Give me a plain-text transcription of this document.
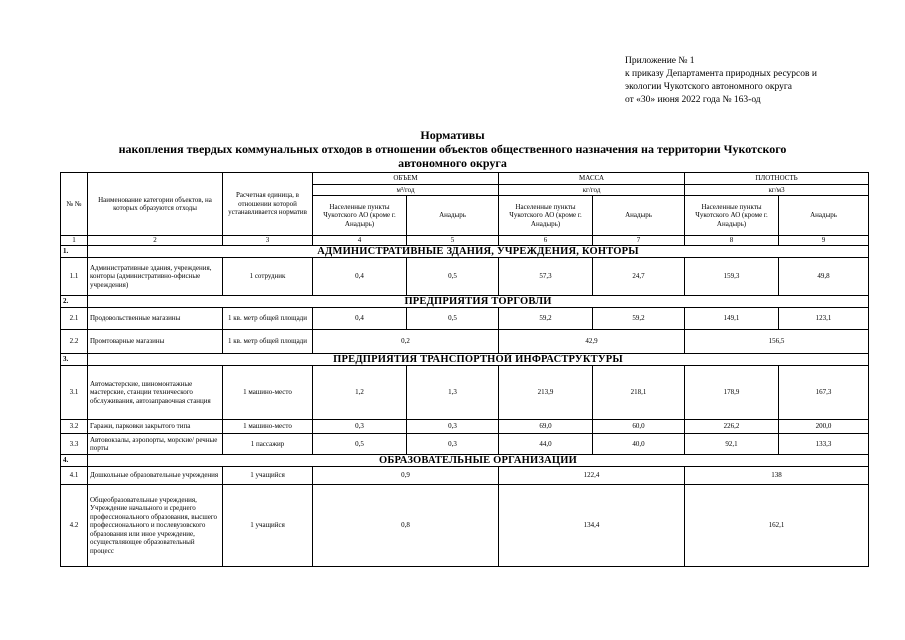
Приложение № 1
к приказу Департамента природных ресурсов и
экологии Чукотского автономного округа
от «30» июня 2022 года № 163-од
Нормативы
накопления твердых коммунальных отходов в отношении объектов общественного назначения на территории Чукотского
автономного округа
№ №	Наименование категории объектов, на которых образуются отходы	Расчетная единица, в отношении которой устанавливается норматив	ОБЪЕМ		МАССА		ПЛОТНОСТЬ	
			м³/год		кг/год		кг/м3	
			Населенные пункты Чукотского АО (кроме г. Анадырь)	Анадырь	Населенные пункты Чукотского АО (кроме г. Анадырь)	Анадырь	Населенные пункты Чукотского АО (кроме г. Анадырь)	Анадырь
1	2	3	4	5	6	7	8	9
1.	АДМИНИСТРАТИВНЫЕ ЗДАНИЯ, УЧРЕЖДЕНИЯ, КОНТОРЫ							
1.1	Административные здания, учреждения, конторы (административно-офисные учреждения)	1 сотрудник	0,4	0,5	57,3	24,7	159,3	49,8
2.	ПРЕДПРИЯТИЯ ТОРГОВЛИ							
2.1	Продовольственные магазины	1 кв. метр общей площади	0,4	0,5	59,2	59,2	149,1	123,1
2.2	Промтоварные магазины	1 кв. метр общей площади	0,2		42,9		156,5	
3.	ПРЕДПРИЯТИЯ ТРАНСПОРТНОЙ ИНФРАСТРУКТУРЫ							
3.1	Автомастерские, шиномонтажные мастерские, станции технического обслуживания, автозаправочная станция	1 машино-место	1,2	1,3	213,9	218,1	178,9	167,3
3.2	Гаражи, парковки закрытого типа	1 машино-место	0,3	0,3	69,0	60,0	226,2	200,0
3.3	Автовокзалы, аэропорты, морские/ речные порты	1 пассажир	0,5	0,3	44,0	40,0	92,1	133,3
4.	ОБРАЗОВАТЕЛЬНЫЕ ОРГАНИЗАЦИИ							
4.1	Дошкольные образовательные учреждения	1 учащийся	0,9		122,4		138	
4.2	Общеобразовательные учреждения, Учреждение начального и среднего профессионального образования, высшего профессионального и послевузовского образования или иное учреждение, осуществляющее образовательный процесс	1 учащийся	0,8		134,4		162,1	
